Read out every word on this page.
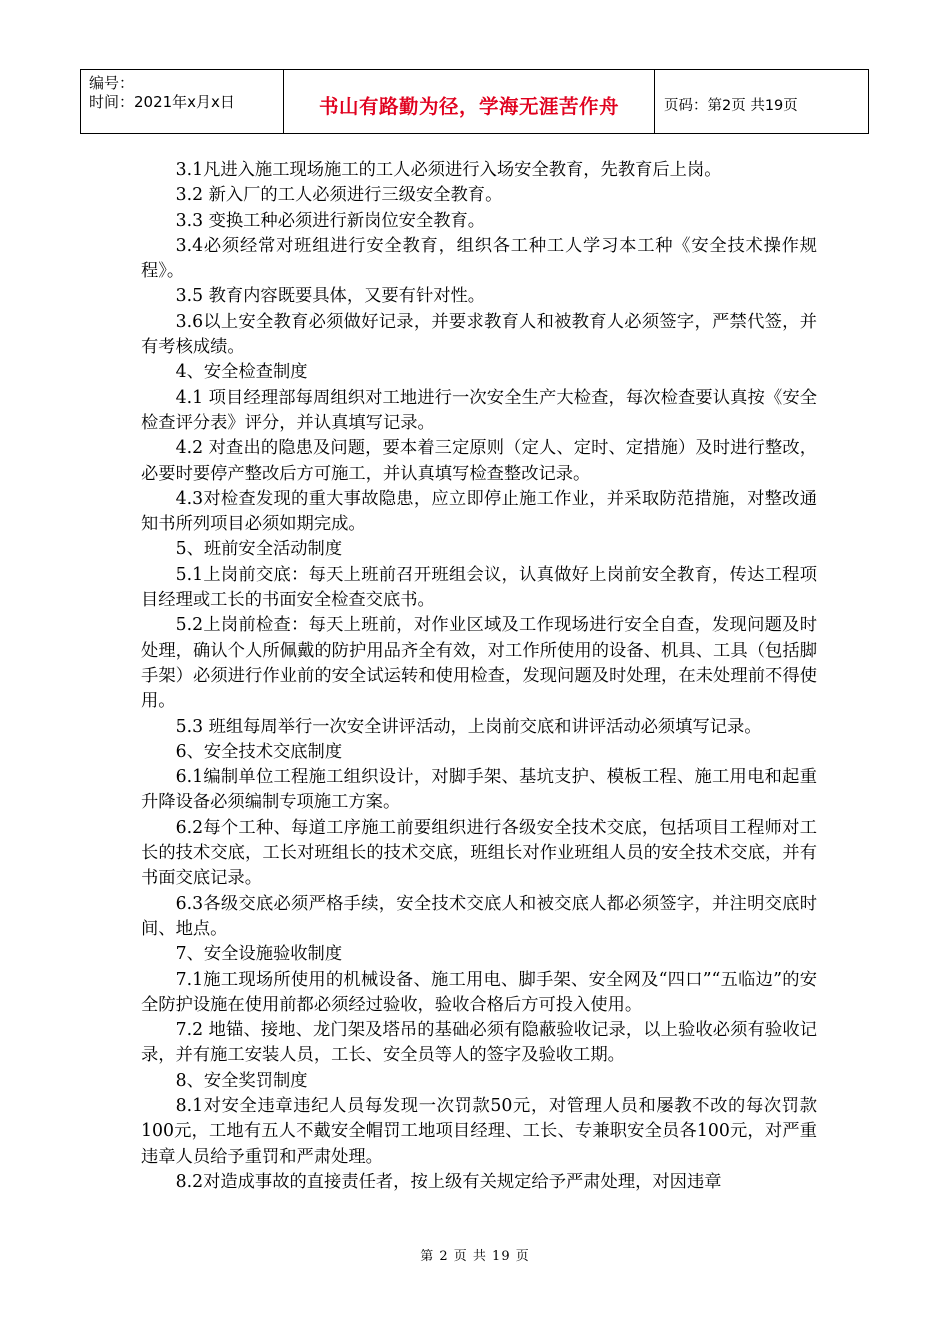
编号：
时间：2021年x月x日	书山有路勤为径，学海无涯苦作舟	页码：第2页 共19页

3.1凡进入施工现场施工的工人必须进行入场安全教育，先教育后上岗。

3.2 新入厂的工人必须进行三级安全教育。

3.3 变换工种必须进行新岗位安全教育。

3.4必须经常对班组进行安全教育，组织各工种工人学习本工种《安全技术操作规程》。

3.5 教育内容既要具体，又要有针对性。

3.6以上安全教育必须做好记录，并要求教育人和被教育人必须签字，严禁代签，并有考核成绩。

4、安全检查制度

4.1 项目经理部每周组织对工地进行一次安全生产大检查，每次检查要认真按《安全检查评分表》评分，并认真填写记录。

4.2 对查出的隐患及问题，要本着三定原则（定人、定时、定措施）及时进行整改，必要时要停产整改后方可施工，并认真填写检查整改记录。

4.3对检查发现的重大事故隐患，应立即停止施工作业，并采取防范措施，对整改通知书所列项目必须如期完成。

5、班前安全活动制度

5.1上岗前交底：每天上班前召开班组会议，认真做好上岗前安全教育，传达工程项目经理或工长的书面安全检查交底书。

5.2上岗前检查：每天上班前，对作业区域及工作现场进行安全自查，发现问题及时处理，确认个人所佩戴的防护用品齐全有效，对工作所使用的设备、机具、工具（包括脚手架）必须进行作业前的安全试运转和使用检查，发现问题及时处理，在未处理前不得使用。

5.3 班组每周举行一次安全讲评活动，上岗前交底和讲评活动必须填写记录。

6、安全技术交底制度

6.1编制单位工程施工组织设计，对脚手架、基坑支护、模板工程、施工用电和起重升降设备必须编制专项施工方案。

6.2每个工种、每道工序施工前要组织进行各级安全技术交底，包括项目工程师对工长的技术交底，工长对班组长的技术交底，班组长对作业班组人员的安全技术交底，并有书面交底记录。

6.3各级交底必须严格手续，安全技术交底人和被交底人都必须签字，并注明交底时　间、地点。

7、安全设施验收制度

7.1施工现场所使用的机械设备、施工用电、脚手架、安全网及“四口”“五临边”的安全防护设施在使用前都必须经过验收，验收合格后方可投入使用。

7.2 地锚、接地、龙门架及塔吊的基础必须有隐蔽验收记录，以上验收必须有验收记录，并有施工安装人员，工长、安全员等人的签字及验收工期。

8、安全奖罚制度

8.1对安全违章违纪人员每发现一次罚款50元，对管理人员和屡教不改的每次罚款100元，工地有五人不戴安全帽罚工地项目经理、工长、专兼职安全员各100元，对严重违章人员给予重罚和严肃处理。

8.2对造成事故的直接责任者，按上级有关规定给予严肃处理，对因违章

第 2 页 共 19 页
